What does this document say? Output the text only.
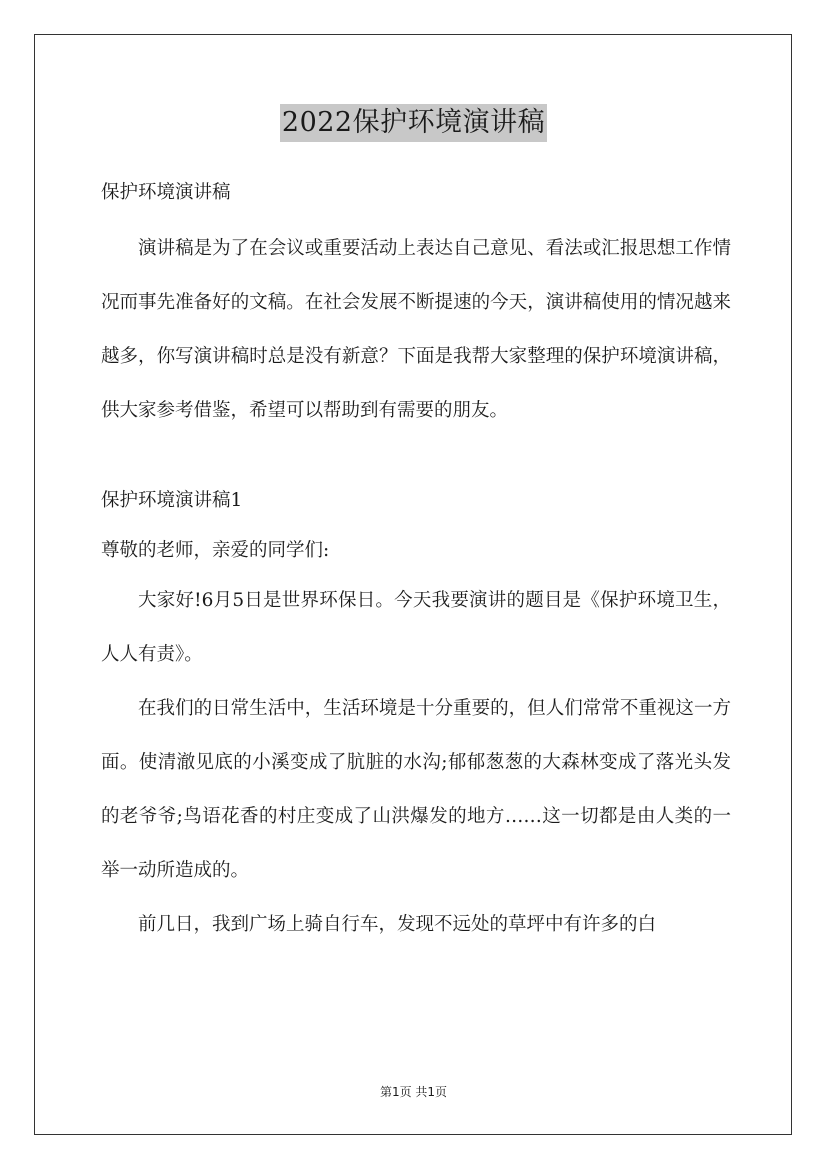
2022保护环境演讲稿
保护环境演讲稿

演讲稿是为了在会议或重要活动上表达自己意见、看法或汇报思想工作情况而事先准备好的文稿。在社会发展不断提速的今天，演讲稿使用的情况越来越多，你写演讲稿时总是没有新意？下面是我帮大家整理的保护环境演讲稿，供大家参考借鉴，希望可以帮助到有需要的朋友。

保护环境演讲稿1
尊敬的老师，亲爱的同学们:

大家好!6月5日是世界环保日。今天我要演讲的题目是《保护环境卫生，人人有责》。

在我们的日常生活中，生活环境是十分重要的，但人们常常不重视这一方面。使清澈见底的小溪变成了肮脏的水沟;郁郁葱葱的大森林变成了落光头发的老爷爷;鸟语花香的村庄变成了山洪爆发的地方……这一切都是由人类的一举一动所造成的。

前几日，我到广场上骑自行车，发现不远处的草坪中有许多的白

第1页 共1页
